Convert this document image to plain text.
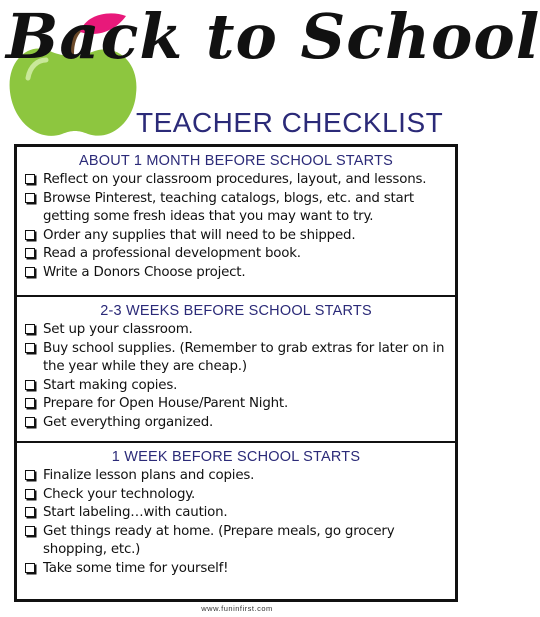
Back to School
TEACHER CHECKLIST
ABOUT 1 MONTH BEFORE SCHOOL STARTS
Reflect on your classroom procedures, layout, and lessons.
Browse Pinterest, teaching catalogs, blogs, etc. and start getting some fresh ideas that you may want to try.
Order any supplies that will need to be shipped.
Read a professional development book.
Write a Donors Choose project.
2-3 WEEKS BEFORE SCHOOL STARTS
Set up your classroom.
Buy school supplies. (Remember to grab extras for later on in the year while they are cheap.)
Start making copies.
Prepare for Open House/Parent Night.
Get everything organized.
1 WEEK BEFORE SCHOOL STARTS
Finalize lesson plans and copies.
Check your technology.
Start labeling…with caution.
Get things ready at home. (Prepare meals, go grocery shopping, etc.)
Take some time for yourself!
www.funinfirst.com
